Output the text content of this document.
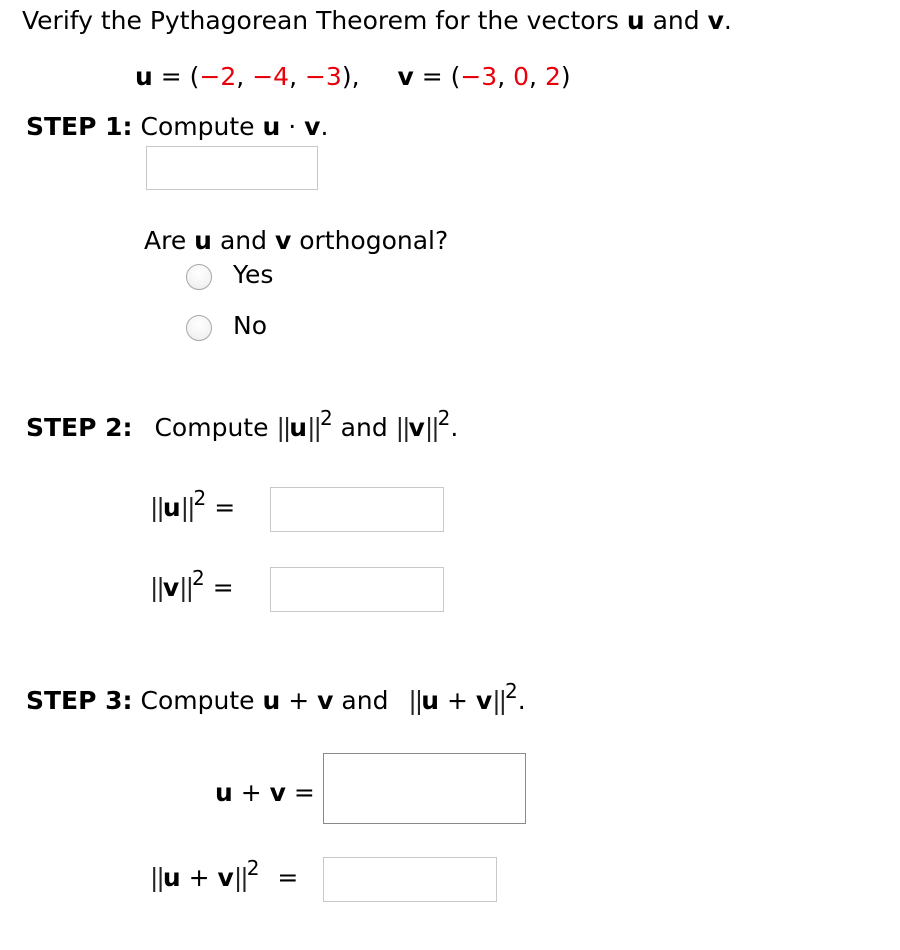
Verify the Pythagorean Theorem for the vectors u and v.
u = (−2, −4, −3), v = (−3, 0, 2)
STEP 1: Compute u · v.
Are u and v orthogonal?
Yes
No
STEP 2: Compute $||u||^2$ and $||v||^2$.
$||u||^2$ =
$||v||^2$ =
STEP 3: Compute u + v and $||u + v||^2$.
u + v =
$||u + v||^2$ =
